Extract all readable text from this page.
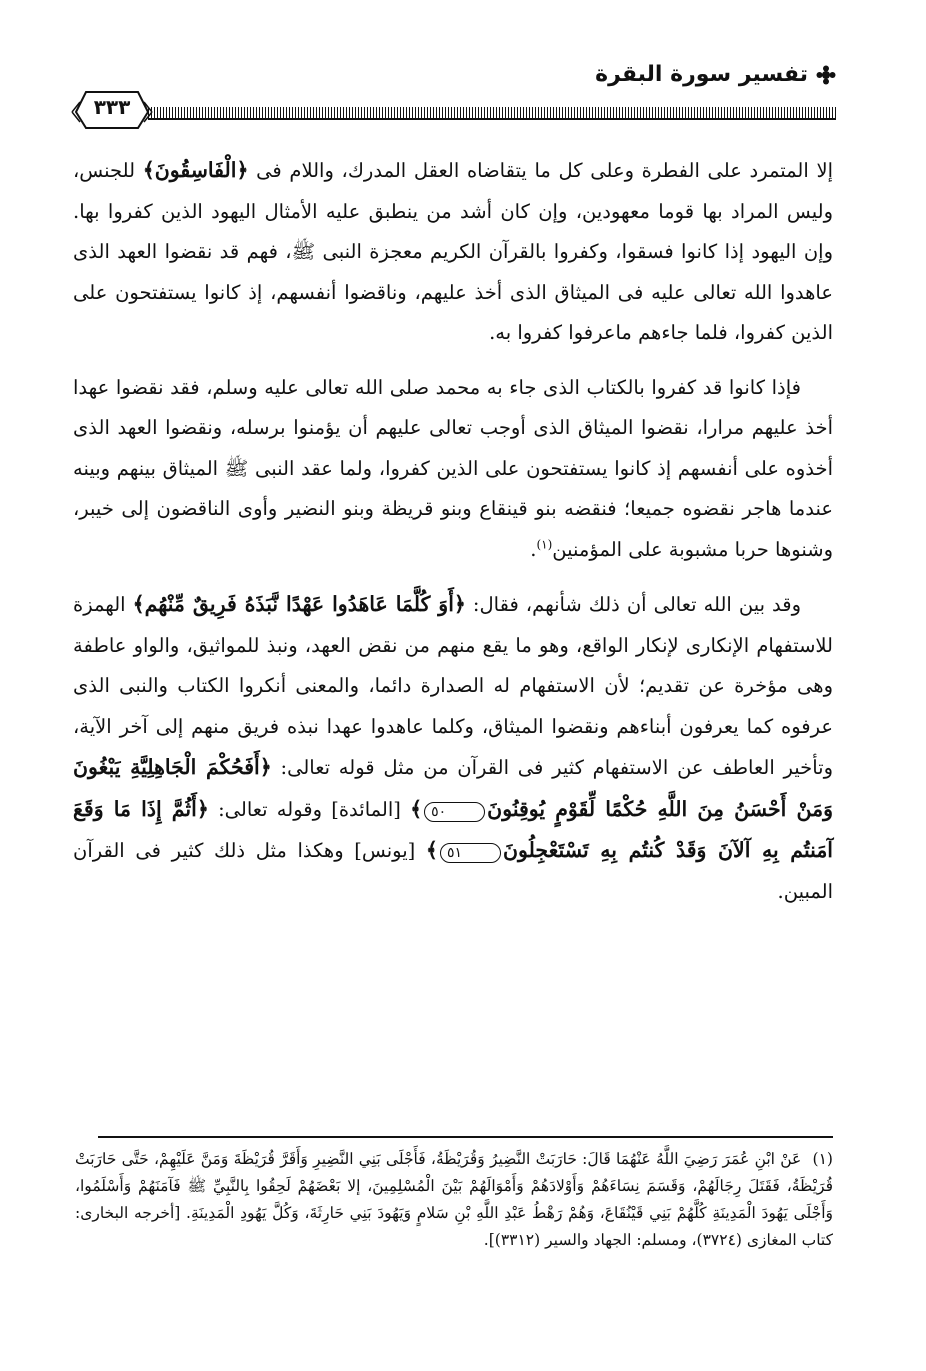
تفسير سورة البقرة
٣٣٣

إلا المتمرد على الفطرة وعلى كل ما يتقاضاه العقل المدرك، واللام فى ﴿الْفَاسِقُونَ﴾ للجنس، وليس المراد بها قوما معهودين، وإن كان أشد من ينطبق عليه الأمثال اليهود الذين كفروا بها. وإن اليهود إذا كانوا فسقوا، وكفروا بالقرآن الكريم معجزة النبى ﷺ، فهم قد نقضوا العهد الذى عاهدوا الله تعالى عليه فى الميثاق الذى أخذ عليهم، وناقضوا أنفسهم، إذ كانوا يستفتحون على الذين كفروا، فلما جاءهم ماعرفوا كفروا به.

فإذا كانوا قد كفروا بالكتاب الذى جاء به محمد صلى الله تعالى عليه وسلم، فقد نقضوا عهدا أخذ عليهم مرارا، نقضوا الميثاق الذى أوجب تعالى عليهم أن يؤمنوا برسله، ونقضوا العهد الذى أخذوه على أنفسهم إذ كانوا يستفتحون على الذين كفروا، ولما عقد النبى ﷺ الميثاق بينهم وبينه عندما هاجر نقضوه جميعا؛ فنقضه بنو قينقاع وبنو قريظة وبنو النضير وأوى الناقضون إلى خيبر، وشنوها حربا مشبوبة على المؤمنين$^{(١)}$.

وقد بين الله تعالى أن ذلك شأنهم، فقال: ﴿أَوَ كُلَّمَا عَاهَدُوا عَهْدًا نَّبَذَهُ فَرِيقٌ مِّنْهُم﴾ الهمزة للاستفهام الإنكارى لإنكار الواقع، وهو ما يقع منهم من نقض العهد، ونبذ للمواثيق، والواو عاطفة وهى مؤخرة عن تقديم؛ لأن الاستفهام له الصدارة دائما، والمعنى أنكروا الكتاب والنبى الذى عرفوه كما يعرفون أبناءهم ونقضوا الميثاق، وكلما عاهدوا عهدا نبذه فريق منهم إلى آخر الآية، وتأخير العاطف عن الاستفهام كثير فى القرآن من مثل قوله تعالى: ﴿أَفَحُكْمَ الْجَاهِلِيَّةِ يَبْغُونَ وَمَنْ أَحْسَنُ مِنَ اللَّهِ حُكْمًا لِّقَوْمٍ يُوقِنُونَ٥٠﴾ [المائدة] وقوله تعالى: ﴿أَثُمَّ إِذَا مَا وَقَعَ آمَنتُم بِهِ آلآنَ وَقَدْ كُنتُم بِهِ تَسْتَعْجِلُونَ٥١﴾ [يونس] وهكذا مثل ذلك كثير فى القرآن المبين.

(١) عَنْ ابْنِ عُمَرَ رَضِيَ اللَّهُ عَنْهُمَا قَالَ: حَارَبَتْ النَّضِيرُ وَقُرَيْظَةُ، فَأَجْلَى بَنِي النَّضِيرِ وَأَقَرَّ قُرَيْظَةَ وَمَنَّ عَلَيْهِمْ، حَتَّى حَارَبَتْ قُرَيْظَةُ، فَقَتَلَ رِجَالَهُمْ، وَقَسَمَ نِسَاءَهُمْ وَأَوْلادَهُمْ وَأَمْوَالَهُمْ بَيْنَ الْمُسْلِمِينَ، إلا بَعْضَهُمْ لَحِقُوا بِالنَّبِيِّ ﷺ فَآمَنَهُمْ وَأَسْلَمُوا، وَأَجْلَى يَهُودَ الْمَدِينَةِ كُلَّهُمْ بَنِي قَيْنُقَاعَ، وَهُمْ رَهْطُ عَبْدِ اللَّهِ بْنِ سَلامٍ وَيَهُودَ بَنِي حَارِثَةَ، وَكُلَّ يَهُودِ الْمَدِينَةِ. [أخرجه البخارى: كتاب المغازى (٣٧٢٤)، ومسلم: الجهاد والسير (٣٣١٢)].
